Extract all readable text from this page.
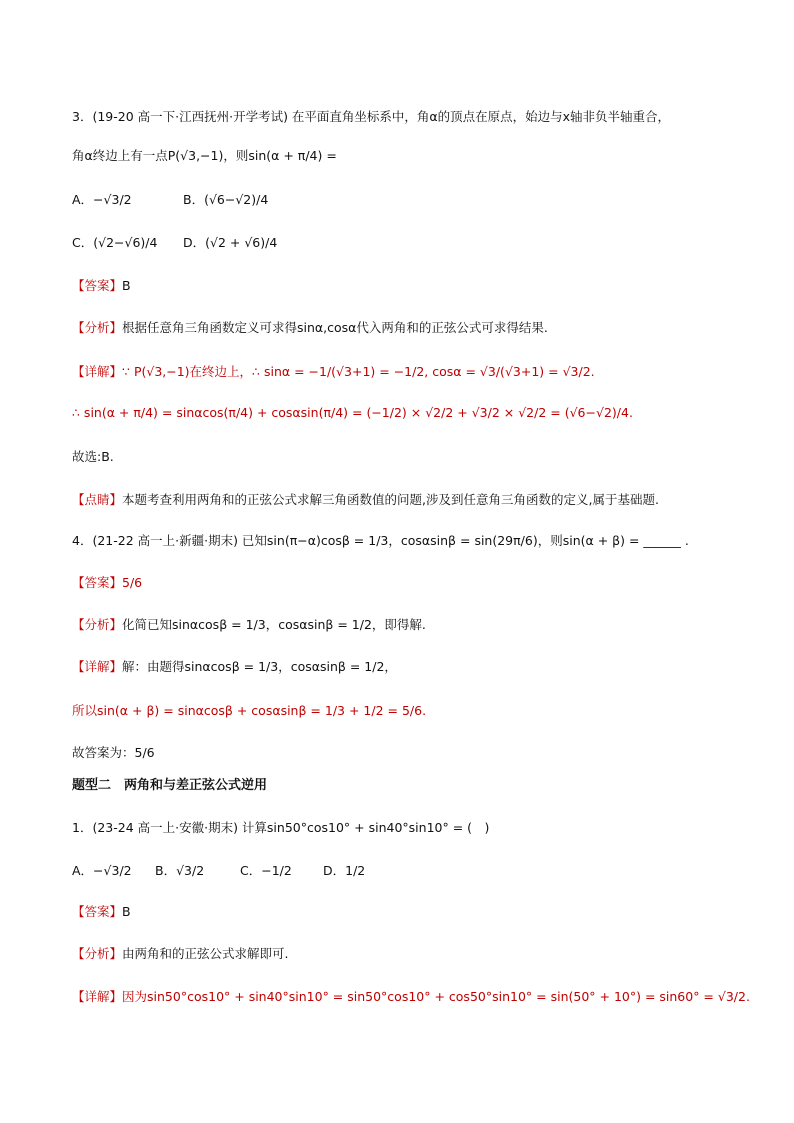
3．(19-20 高一下·江西抚州·开学考试) 在平面直角坐标系中，角α的顶点在原点，始边与x轴非负半轴重合，
角α终边上有一点P(√3,−1)，则sin(α + π/4) =
A．−√3/2	B．(√6−√2)/4
C．(√2−√6)/4 D．(√2 + √6)/4
【答案】B
【分析】根据任意角三角函数定义可求得sinα,cosα代入两角和的正弦公式可求得结果.
【详解】∵ P(√3,−1)在终边上，∴ sinα = −1/(√3+1) = −1/2, cosα = √3/(√3+1) = √3/2.
∴ sin(α + π/4) = sinαcos(π/4) + cosαsin(π/4) = (−1/2) × √2/2 + √3/2 × √2/2 = (√6−√2)/4.
故选:B.
【点睛】本题考查利用两角和的正弦公式求解三角函数值的问题,涉及到任意角三角函数的定义,属于基础题.
4．(21-22 高一上·新疆·期末) 已知sin(π−α)cosβ = 1/3，cosαsinβ = sin(29π/6)，则sin(α + β) = ______ .
【答案】5/6
【分析】化简已知sinαcosβ = 1/3，cosαsinβ = 1/2，即得解.
【详解】解：由题得sinαcosβ = 1/3，cosαsinβ = 1/2，
所以sin(α + β) = sinαcosβ + cosαsinβ = 1/3 + 1/2 = 5/6.
故答案为：5/6
题型二　两角和与差正弦公式逆用
1．(23-24 高一上·安徽·期末) 计算sin50°cos10° + sin40°sin10° = (　)
A．−√3/2 B．√3/2	C．−1/2 D．1/2
【答案】B
【分析】由两角和的正弦公式求解即可.
【详解】因为sin50°cos10° + sin40°sin10° = sin50°cos10° + cos50°sin10° = sin(50° + 10°) = sin60° = √3/2.
